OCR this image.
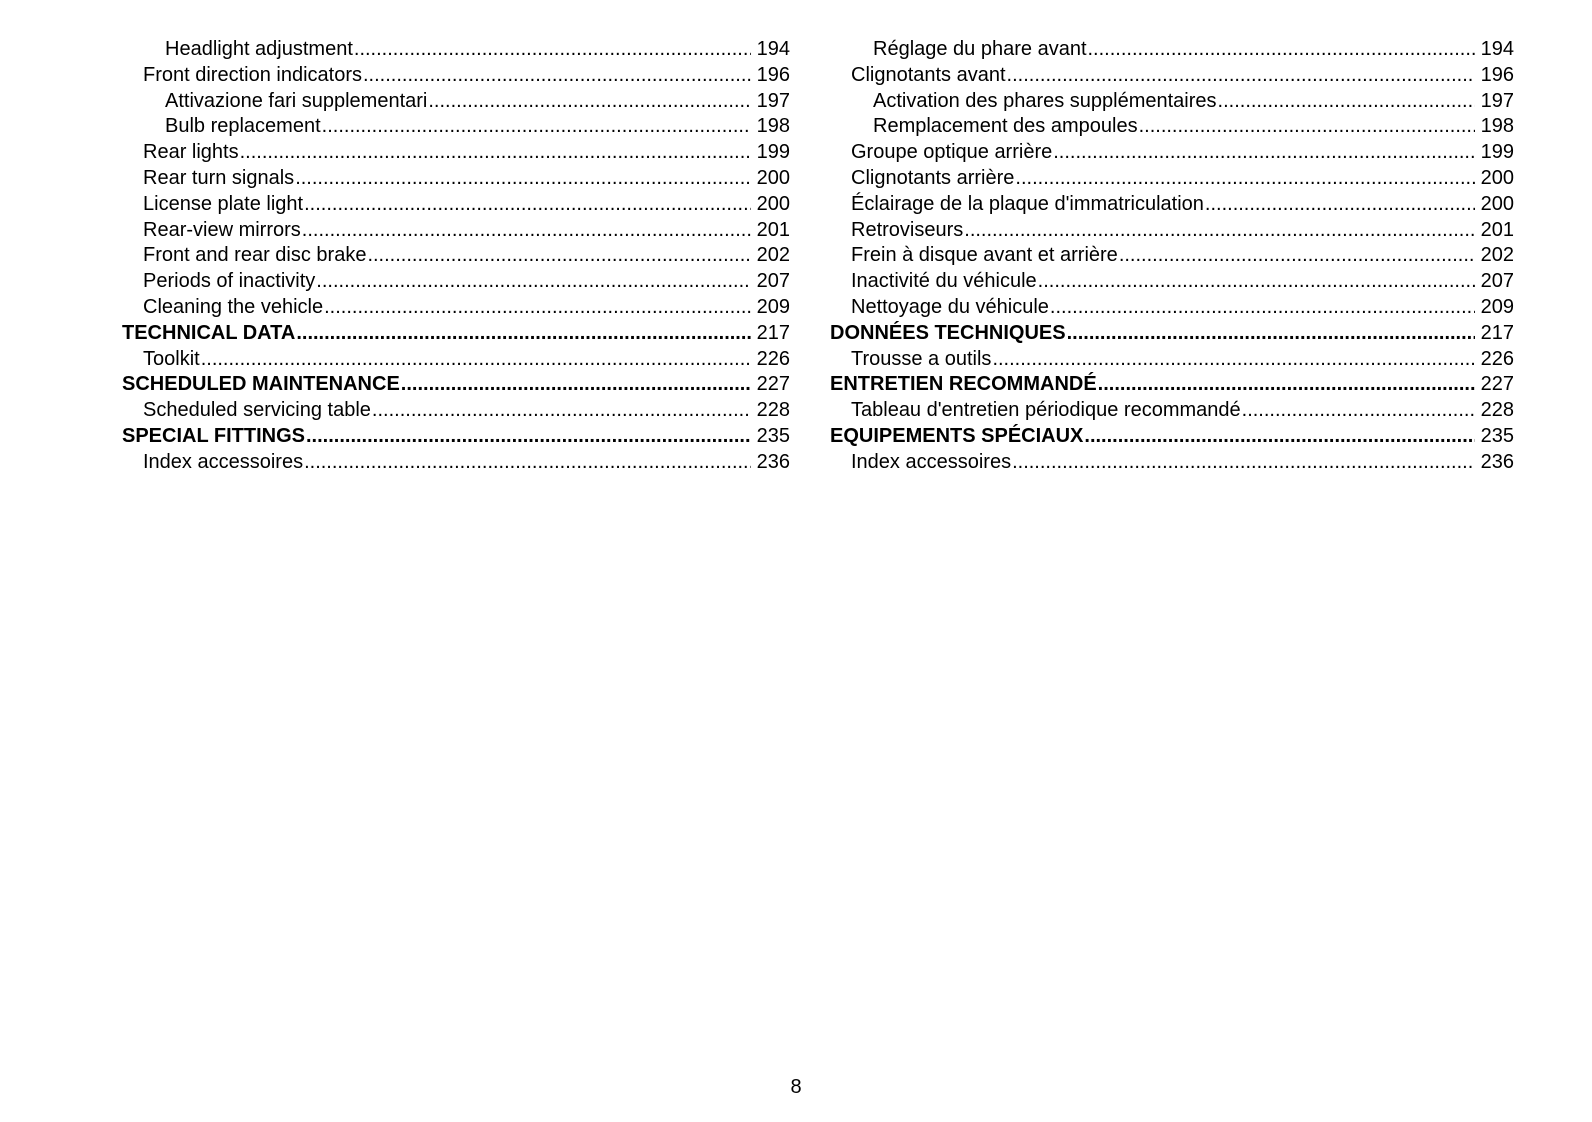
Headlight adjustment .....	194
Front direction indicators .....	196
Attivazione fari supplementari .....	197
Bulb replacement .....	198
Rear lights .....	199
Rear turn signals .....	200
License plate light .....	200
Rear-view mirrors .....	201
Front and rear disc brake .....	202
Periods of inactivity .....	207
Cleaning the vehicle .....	209
TECHNICAL DATA .....	217
Toolkit .....	226
SCHEDULED MAINTENANCE .....	227
Scheduled servicing table .....	228
SPECIAL FITTINGS .....	235
Index accessoires .....	236
Réglage du phare avant .....	194
Clignotants avant .....	196
Activation des phares supplémentaires .....	197
Remplacement des ampoules .....	198
Groupe optique arrière .....	199
Clignotants arrière .....	200
Éclairage de la plaque d'immatriculation .....	200
Retroviseurs .....	201
Frein à disque avant et arrière .....	202
Inactivité du véhicule .....	207
Nettoyage du véhicule .....	209
DONNÉES TECHNIQUES .....	217
Trousse a outils .....	226
ENTRETIEN RECOMMANDÉ .....	227
Tableau d'entretien périodique recommandé .....	228
EQUIPEMENTS SPÉCIAUX .....	235
Index accessoires .....	236
8
